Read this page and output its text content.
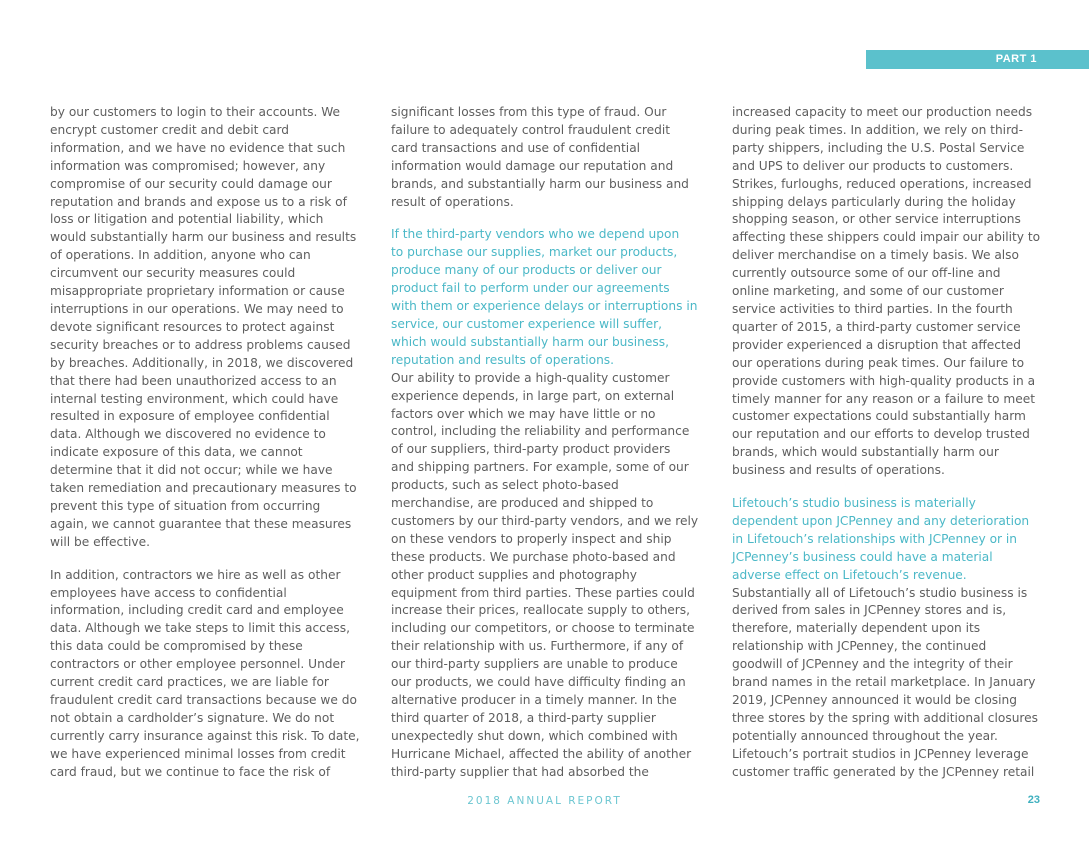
PART 1

by our customers to login to their accounts. We

encrypt customer credit and debit card

information, and we have no evidence that such

information was compromised; however, any

compromise of our security could damage our

reputation and brands and expose us to a risk of

loss or litigation and potential liability, which

would substantially harm our business and results

of operations. In addition, anyone who can

circumvent our security measures could

misappropriate proprietary information or cause

interruptions in our operations. We may need to

devote significant resources to protect against

security breaches or to address problems caused

by breaches. Additionally, in 2018, we discovered

that there had been unauthorized access to an

internal testing environment, which could have

resulted in exposure of employee confidential

data. Although we discovered no evidence to

indicate exposure of this data, we cannot

determine that it did not occur; while we have

taken remediation and precautionary measures to

prevent this type of situation from occurring

again, we cannot guarantee that these measures

will be effective.

In addition, contractors we hire as well as other

employees have access to confidential

information, including credit card and employee

data. Although we take steps to limit this access,

this data could be compromised by these

contractors or other employee personnel. Under

current credit card practices, we are liable for

fraudulent credit card transactions because we do

not obtain a cardholder’s signature. We do not

currently carry insurance against this risk. To date,

we have experienced minimal losses from credit

card fraud, but we continue to face the risk of

significant losses from this type of fraud. Our

failure to adequately control fraudulent credit

card transactions and use of confidential

information would damage our reputation and

brands, and substantially harm our business and

result of operations.

If the third-party vendors who we depend upon

to purchase our supplies, market our products,

produce many of our products or deliver our

product fail to perform under our agreements

with them or experience delays or interruptions in

service, our customer experience will suffer,

which would substantially harm our business,

reputation and results of operations.

Our ability to provide a high-quality customer

experience depends, in large part, on external

factors over which we may have little or no

control, including the reliability and performance

of our suppliers, third-party product providers

and shipping partners. For example, some of our

products, such as select photo-based

merchandise, are produced and shipped to

customers by our third-party vendors, and we rely

on these vendors to properly inspect and ship

these products. We purchase photo-based and

other product supplies and photography

equipment from third parties. These parties could

increase their prices, reallocate supply to others,

including our competitors, or choose to terminate

their relationship with us. Furthermore, if any of

our third-party suppliers are unable to produce

our products, we could have difficulty finding an

alternative producer in a timely manner. In the

third quarter of 2018, a third-party supplier

unexpectedly shut down, which combined with

Hurricane Michael, affected the ability of another

third-party supplier that had absorbed the

increased capacity to meet our production needs

during peak times. In addition, we rely on third-

party shippers, including the U.S. Postal Service

and UPS to deliver our products to customers.

Strikes, furloughs, reduced operations, increased

shipping delays particularly during the holiday

shopping season, or other service interruptions

affecting these shippers could impair our ability to

deliver merchandise on a timely basis. We also

currently outsource some of our off-line and

online marketing, and some of our customer

service activities to third parties. In the fourth

quarter of 2015, a third-party customer service

provider experienced a disruption that affected

our operations during peak times. Our failure to

provide customers with high-quality products in a

timely manner for any reason or a failure to meet

customer expectations could substantially harm

our reputation and our efforts to develop trusted

brands, which would substantially harm our

business and results of operations.

Lifetouch’s studio business is materially

dependent upon JCPenney and any deterioration

in Lifetouch’s relationships with JCPenney or in

JCPenney’s business could have a material

adverse effect on Lifetouch’s revenue.

Substantially all of Lifetouch’s studio business is

derived from sales in JCPenney stores and is,

therefore, materially dependent upon its

relationship with JCPenney, the continued

goodwill of JCPenney and the integrity of their

brand names in the retail marketplace. In January

2019, JCPenney announced it would be closing

three stores by the spring with additional closures

potentially announced throughout the year.

Lifetouch’s portrait studios in JCPenney leverage

customer traffic generated by the JCPenney retail

2018 ANNUAL REPORT	23
